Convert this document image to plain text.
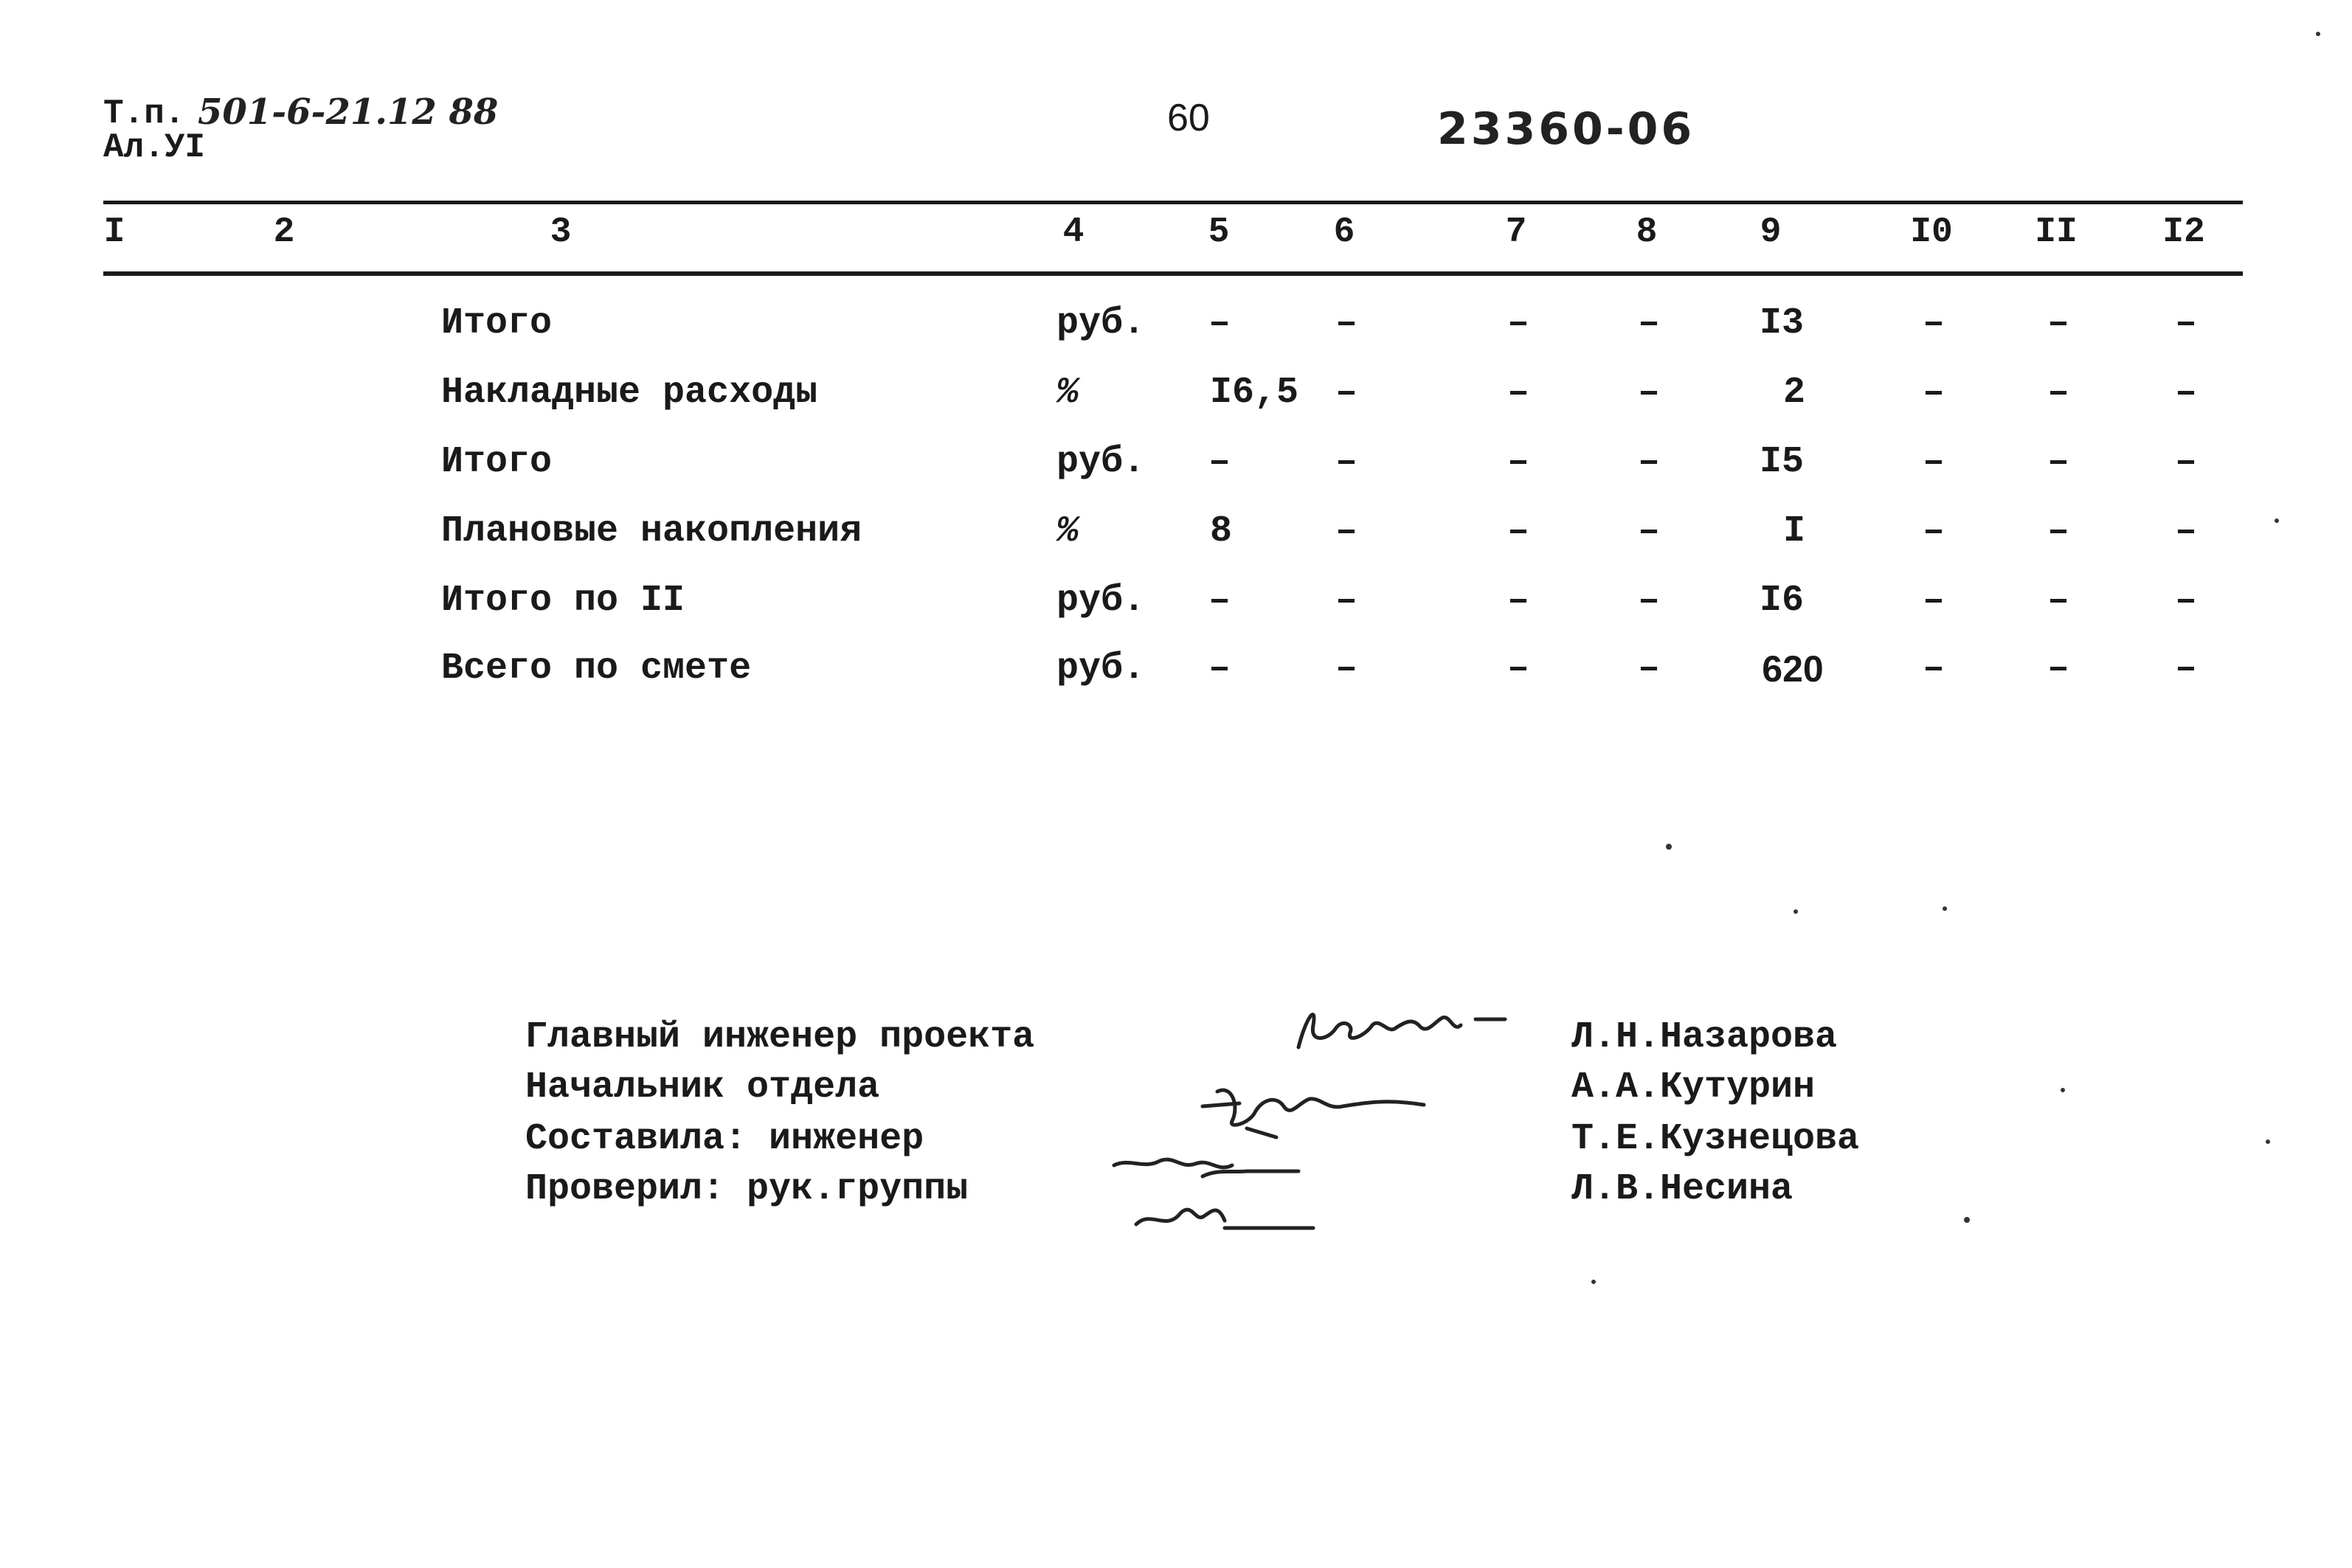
Т.п. 501-6-21.12 88
Ал.УI
60	23360-06
I	2	3	4	5	6	7	8	9	I0 II I2
Итого	руб. –	–	–	–	I3	–	–	–
Накладные расходы	%	I6,5 –	–	–	2	–	–	–
Итого	руб. –	–	–	–	I5	–	–	–
Плановые накопления	%	8	–	–	–	I	–	–	–
Итого по II	руб. –	–	–	–	I6	–	–	–
Всего по смете	руб. –	–	–	–	620	–	–	–
Главный инженер проекта
Начальник отдела
Составила: инженер
Проверил: рук.группы
Л.Н.Назарова
А.А.Кутурин
Т.Е.Кузнецова
Л.В.Несина
